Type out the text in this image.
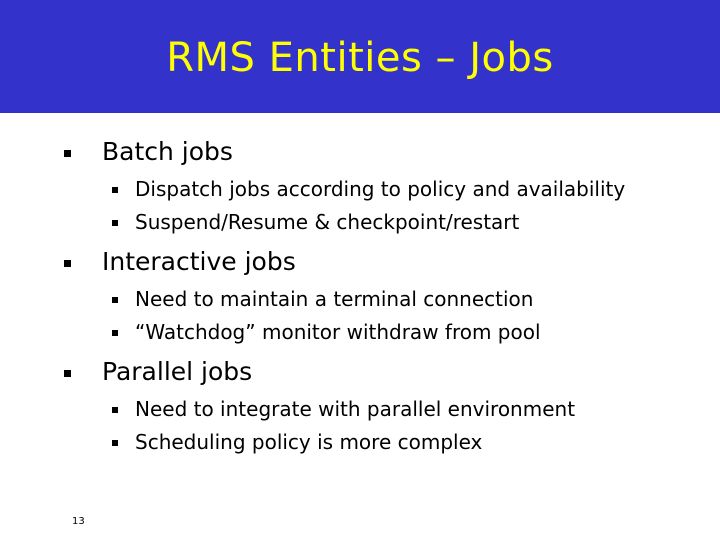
RMS Entities – Jobs
Batch jobs
Dispatch jobs according to policy and availability
Suspend/Resume & checkpoint/restart
Interactive jobs
Need to maintain a terminal connection
“Watchdog” monitor withdraw from pool
Parallel jobs
Need to integrate with parallel environment
Scheduling policy is more complex
13
